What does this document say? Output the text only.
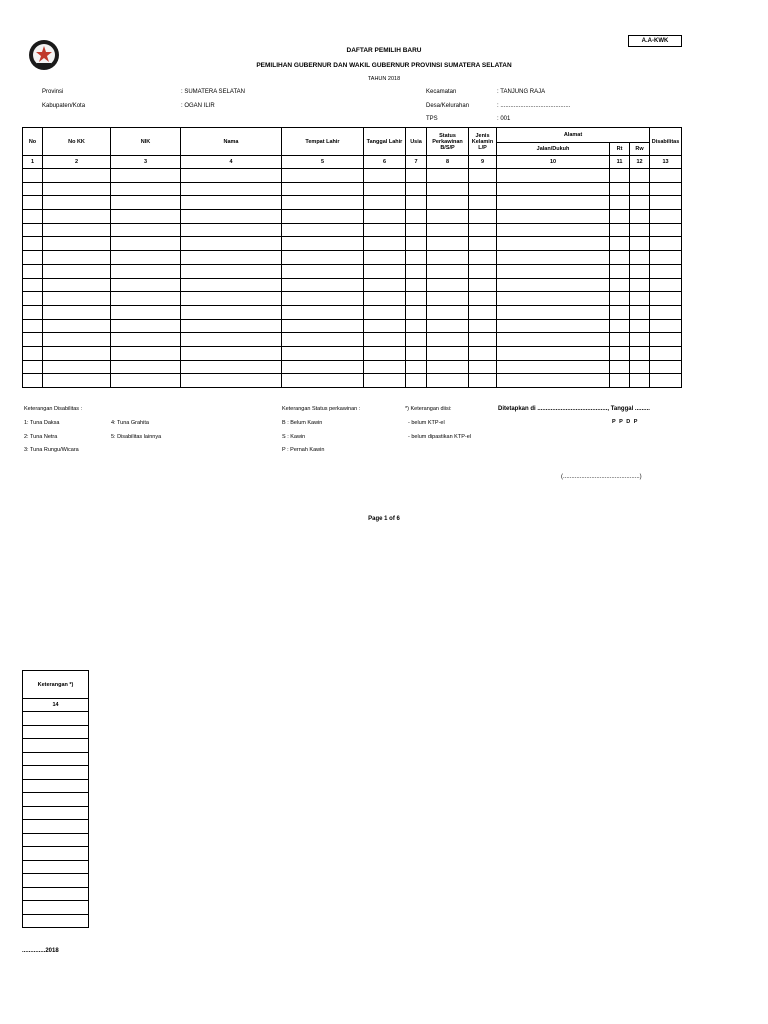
A.A-KWK
DAFTAR PEMILIH BARU
PEMILIHAN GUBERNUR DAN WAKIL GUBERNUR PROVINSI SUMATERA SELATAN
TAHUN 2018
Provinsi	: SUMATERA SELATAN
Kabupaten/Kota	: OGAN ILIR
Kecamatan	: TANJUNG RAJA
Desa/Kelurahan	: ..........................................
TPS	: 001
No	No KK	NIK	Nama	Tempat Lahir	Tanggal Lahir	Usia	Status Perkawinan B/S/P	Jenis Kelamin L/P	Alamat			Disabilitas
									Jalan/Dukuh	Rt	Rw	
1	2	3	4	5	6	7	8	9	10	11	12	13

Keterangan Disabilitas :
1: Tuna Daksa
2: Tuna Netra
3: Tuna Rungu/Wicara
4: Tuna Grahita
5: Disabilitas lainnya
Keterangan Status perkawinan :
B : Belum Kawin
S : Kawin
P : Pernah Kawin
*) Keterangan diisi:
- belum KTP-el
- belum dipastikan KTP-el
Ditetapkan di .........................................., Tanggal .........
P P D P
(..............................................)
Page 1 of 6
Keterangan *)
14

..............2018
